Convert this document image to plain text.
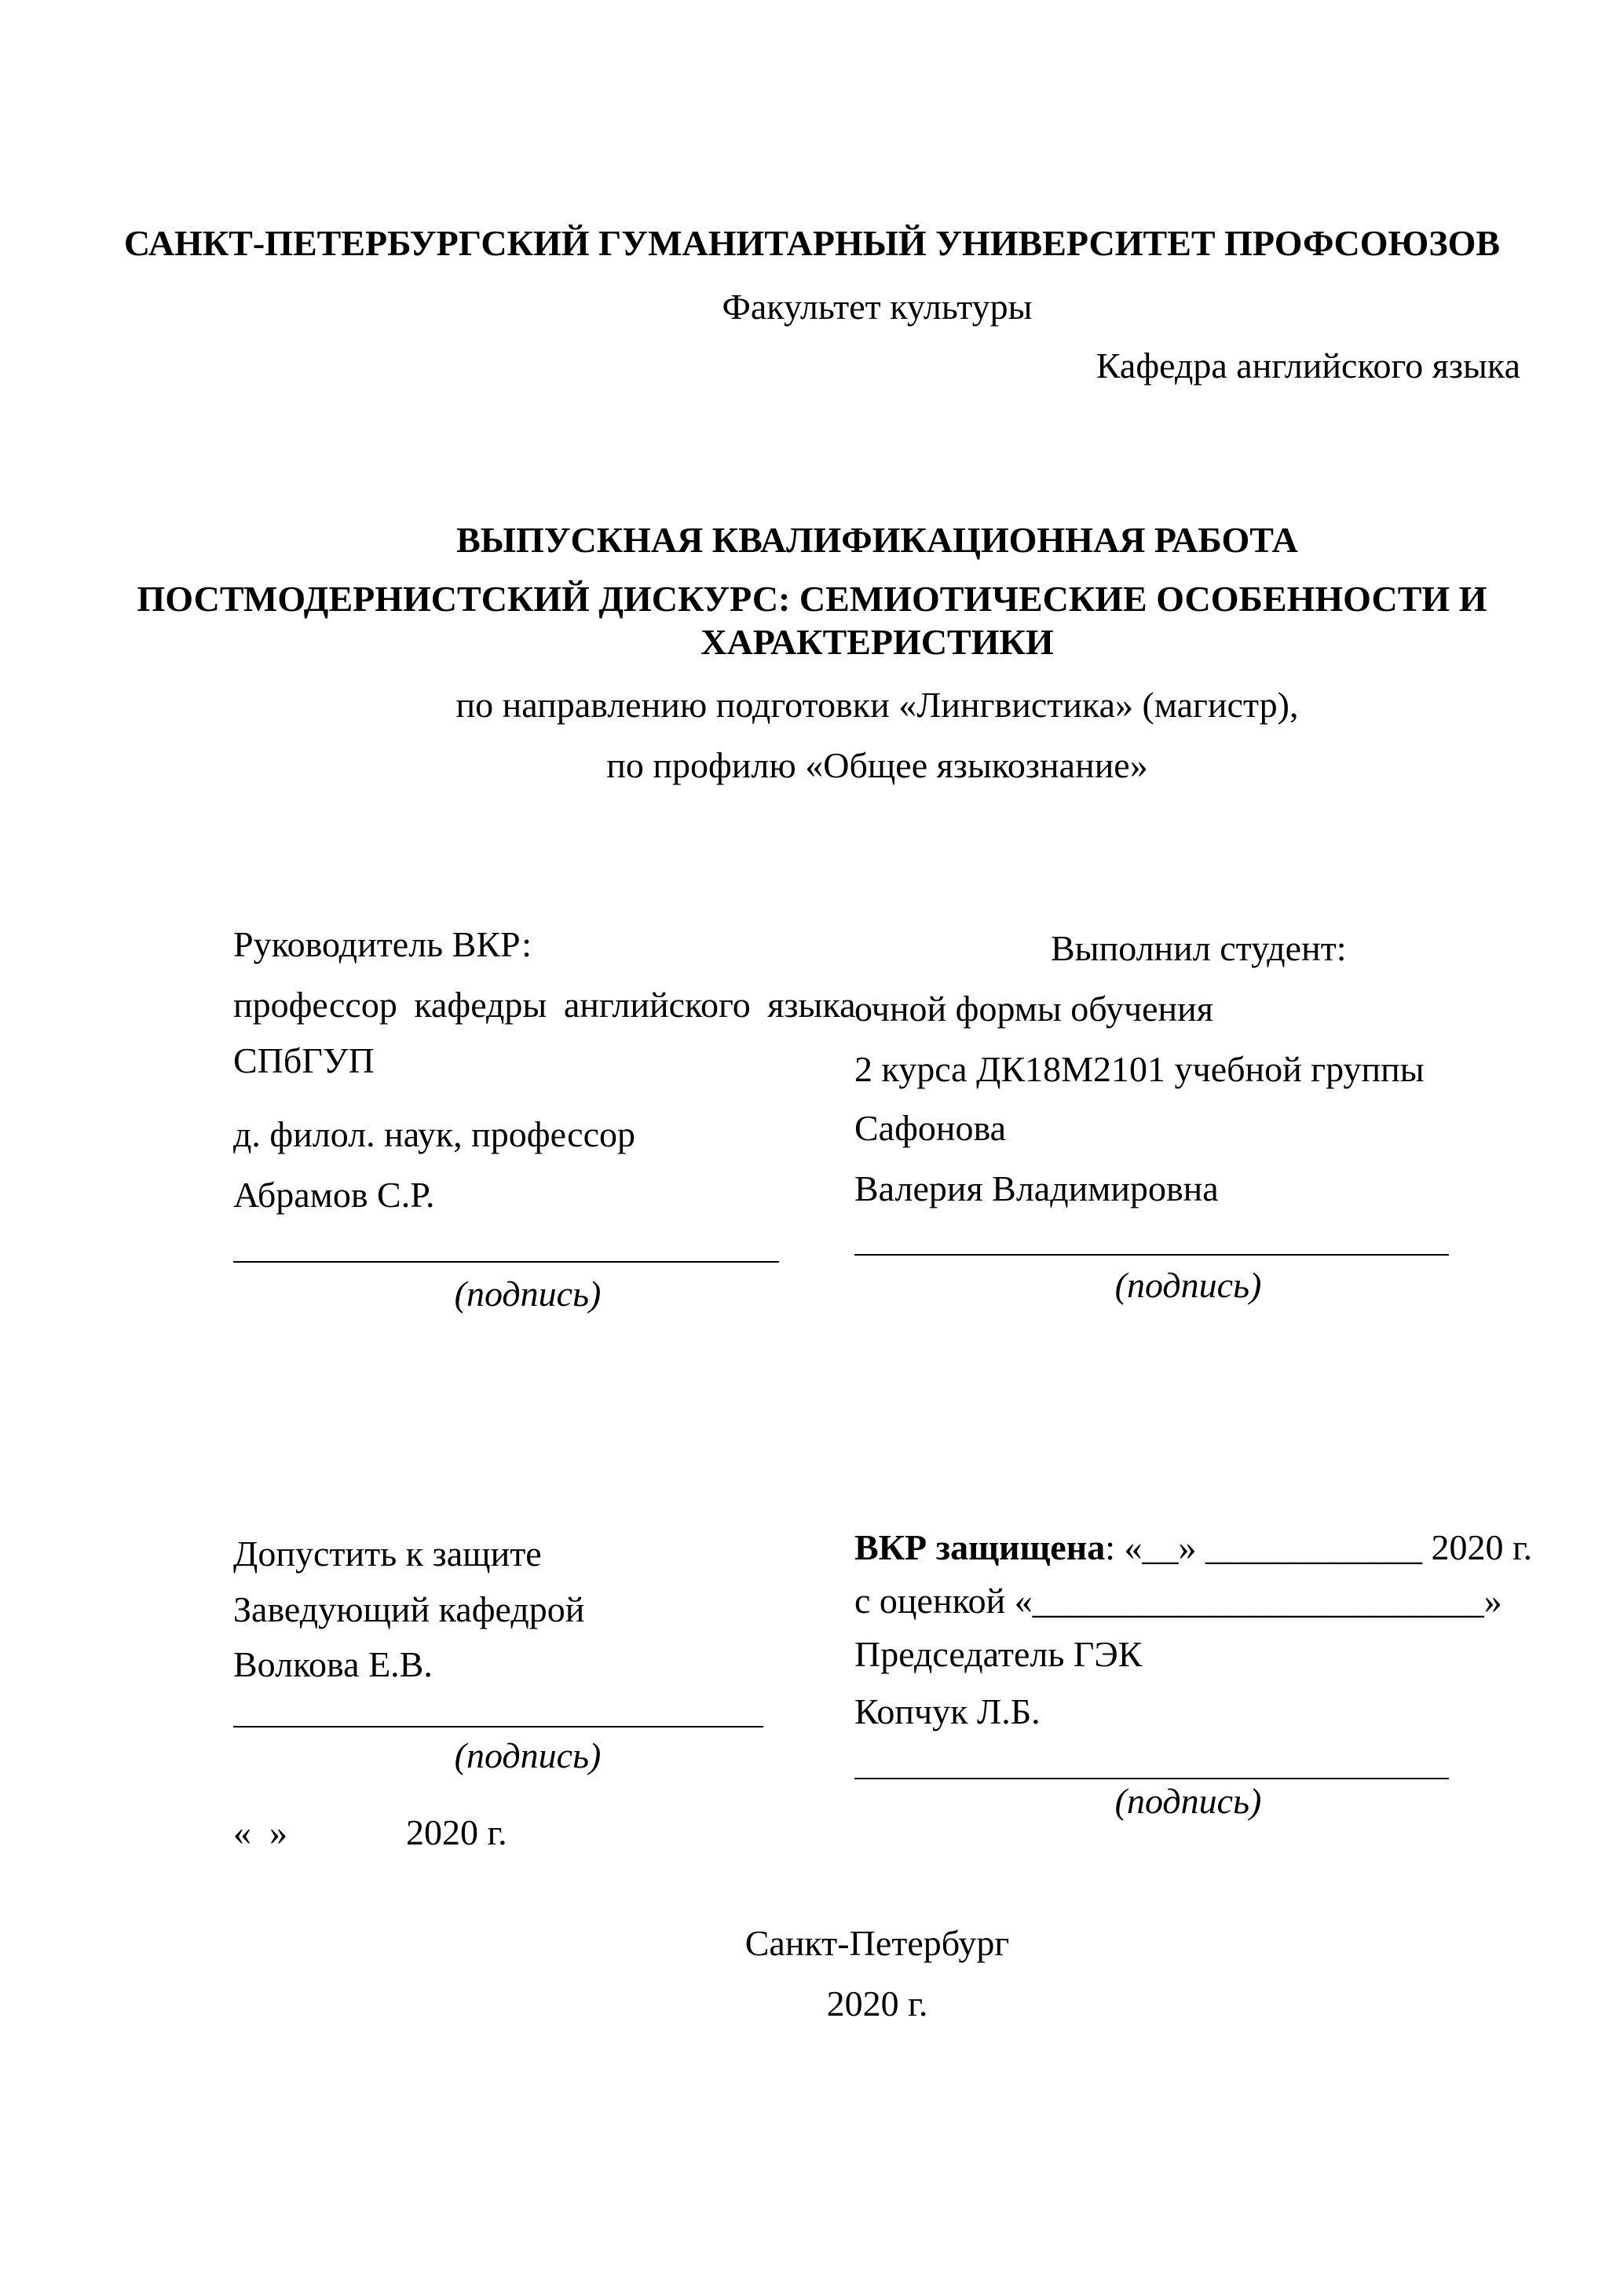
САНКТ-ПЕТЕРБУРГСКИЙ ГУМАНИТАРНЫЙ УНИВЕРСИТЕТ ПРОФСОЮЗОВ
Факультет культуры
Кафедра английского языка
ВЫПУСКНАЯ КВАЛИФИКАЦИОННАЯ РАБОТА
ПОСТМОДЕРНИСТСКИЙ ДИСКУРС: СЕМИОТИЧЕСКИЕ ОСОБЕННОСТИ И
ХАРАКТЕРИСТИКИ
по направлению подготовки «Лингвистика» (магистр),
по профилю «Общее языкознание»
Руководитель ВКР:
профессор кафедры английского языка
СПбГУП
д. филол. наук, профессор
Абрамов С.Р.
(подпись)
Выполнил студент:
очной формы обучения
2 курса ДК18М2101 учебной группы
Сафонова
Валерия Владимировна
(подпись)
Допустить к защите
Заведующий кафедрой
Волкова Е.В.
(подпись)
«  »	2020 г.
ВКР защищена: «__» ____________ 2020 г.
с оценкой «_________________________»
Председатель ГЭК
Копчук Л.Б.
(подпись)
Санкт-Петербург
2020 г.
